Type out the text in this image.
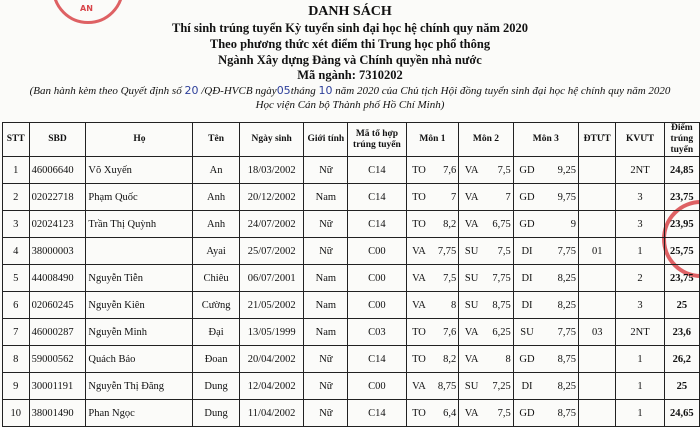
AN	DANH SÁCH
Thí sinh trúng tuyển Kỳ tuyển sinh đại học hệ chính quy năm 2020
Theo phương thức xét điểm thi Trung học phổ thông
Ngành Xây dựng Đảng và Chính quyền nhà nước
Mã ngành: 7310202
(Ban hành kèm theo Quyết định số 20 /QĐ-HVCB ngày05tháng 10 năm 2020 của Chủ tịch Hội đồng tuyển sinh đại học hệ chính quy năm 2020
Học viện Cán bộ Thành phố Hồ Chí Minh)
STT	SBD	Họ	Tên	Ngày sinh	Giới tính	Mã tổ hợp trúng tuyển	Môn 1		Môn 2		Môn 3		ĐTƯT	KVƯT	Điểm trúng tuyển
1	46006640	Võ Xuyến	An	18/03/2002	Nữ	C14	TO	7,6	VA	7,5	GD	9,25		2NT	24,85
2	02022718	Phạm Quốc	Anh	20/12/2002	Nam	C14	TO	7	VA	7	GD	9,75		3	23,75
3	02024123	Trần Thị Quỳnh	Anh	24/07/2002	Nữ	C14	TO	8,2	VA	6,75	GD	9		3	23,95
4	38000003		Ayai	25/07/2002	Nữ	C00	VA	7,75	SU	7,5	DI	7,75	01	1	25,75
5	44008490	Nguyễn Tiễn	Chiêu	06/07/2001	Nam	C00	VA	7,5	SU	7,75	DI	8,25		2	23,75
6	02060245	Nguyễn Kiên	Cường	21/05/2002	Nam	C00	VA	8	SU	8,75	DI	8,25		3	25
7	46000287	Nguyễn Minh	Đại	13/05/1999	Nam	C03	TO	7,6	VA	6,25	SU	7,75	03	2NT	23,6
8	59000562	Quách Bảo	Đoan	20/04/2002	Nữ	C14	TO	8,2	VA	8	GD	8,75		1	26,2
9	30001191	Nguyễn Thị Đăng	Dung	12/04/2002	Nữ	C00	VA	8,75	SU	7,25	DI	8,25		1	25
10	38001490	Phan Ngọc	Dung	11/04/2002	Nữ	C14	TO	6,4	VA	7,5	GD	8,75		1	24,65
